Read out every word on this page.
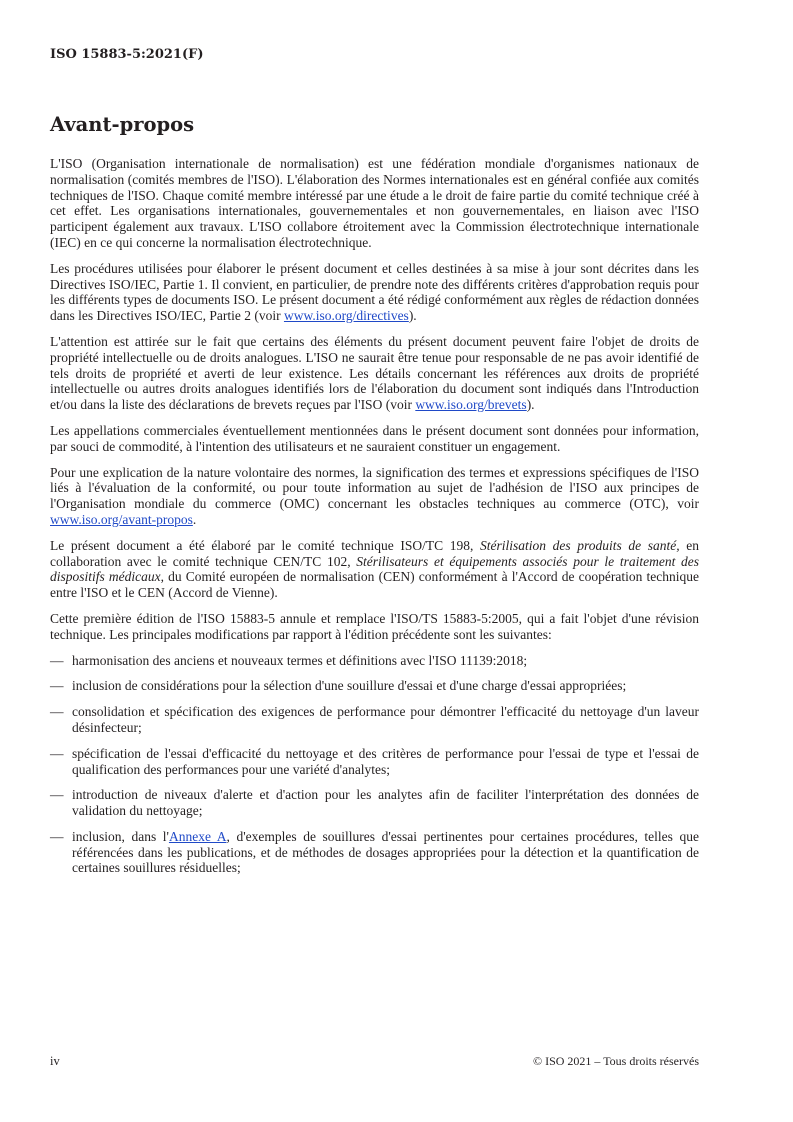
ISO 15883-5:2021(F)
Avant-propos

L'ISO (Organisation internationale de normalisation) est une fédération mondiale d'organismes nationaux de normalisation (comités membres de l'ISO). L'élaboration des Normes internationales est en général confiée aux comités techniques de l'ISO. Chaque comité membre intéressé par une étude a le droit de faire partie du comité technique créé à cet effet. Les organisations internationales, gouvernementales et non gouvernementales, en liaison avec l'ISO participent également aux travaux. L'ISO collabore étroitement avec la Commission électrotechnique internationale (IEC) en ce qui concerne la normalisation électrotechnique.

Les procédures utilisées pour élaborer le présent document et celles destinées à sa mise à jour sont décrites dans les Directives ISO/IEC, Partie 1. Il convient, en particulier, de prendre note des différents critères d'approbation requis pour les différents types de documents ISO. Le présent document a été rédigé conformément aux règles de rédaction données dans les Directives ISO/IEC, Partie 2 (voir www.iso.org/directives).

L'attention est attirée sur le fait que certains des éléments du présent document peuvent faire l'objet de droits de propriété intellectuelle ou de droits analogues. L'ISO ne saurait être tenue pour responsable de ne pas avoir identifié de tels droits de propriété et averti de leur existence. Les détails concernant les références aux droits de propriété intellectuelle ou autres droits analogues identifiés lors de l'élaboration du document sont indiqués dans l'Introduction et/ou dans la liste des déclarations de brevets reçues par l'ISO (voir www.iso.org/brevets).

Les appellations commerciales éventuellement mentionnées dans le présent document sont données pour information, par souci de commodité, à l'intention des utilisateurs et ne sauraient constituer un engagement.

Pour une explication de la nature volontaire des normes, la signification des termes et expressions spécifiques de l'ISO liés à l'évaluation de la conformité, ou pour toute information au sujet de l'adhésion de l'ISO aux principes de l'Organisation mondiale du commerce (OMC) concernant les obstacles techniques au commerce (OTC), voir www.iso.org/avant-propos.

Le présent document a été élaboré par le comité technique ISO/TC 198, Stérilisation des produits de santé, en collaboration avec le comité technique CEN/TC 102, Stérilisateurs et équipements associés pour le traitement des dispositifs médicaux, du Comité européen de normalisation (CEN) conformément à l'Accord de coopération technique entre l'ISO et le CEN (Accord de Vienne).

Cette première édition de l'ISO 15883-5 annule et remplace l'ISO/TS 15883-5:2005, qui a fait l'objet d'une révision technique. Les principales modifications par rapport à l'édition précédente sont les suivantes:

— harmonisation des anciens et nouveaux termes et définitions avec l'ISO 11139:2018;
— inclusion de considérations pour la sélection d'une souillure d'essai et d'une charge d'essai appropriées;
— consolidation et spécification des exigences de performance pour démontrer l'efficacité du nettoyage d'un laveur désinfecteur;
— spécification de l'essai d'efficacité du nettoyage et des critères de performance pour l'essai de type et l'essai de qualification des performances pour une variété d'analytes;
— introduction de niveaux d'alerte et d'action pour les analytes afin de faciliter l'interprétation des données de validation du nettoyage;
— inclusion, dans l'Annexe A, d'exemples de souillures d'essai pertinentes pour certaines procédures, telles que référencées dans les publications, et de méthodes de dosages appropriées pour la détection et la quantification de certaines souillures résiduelles;
iv	© ISO 2021 – Tous droits réservés
